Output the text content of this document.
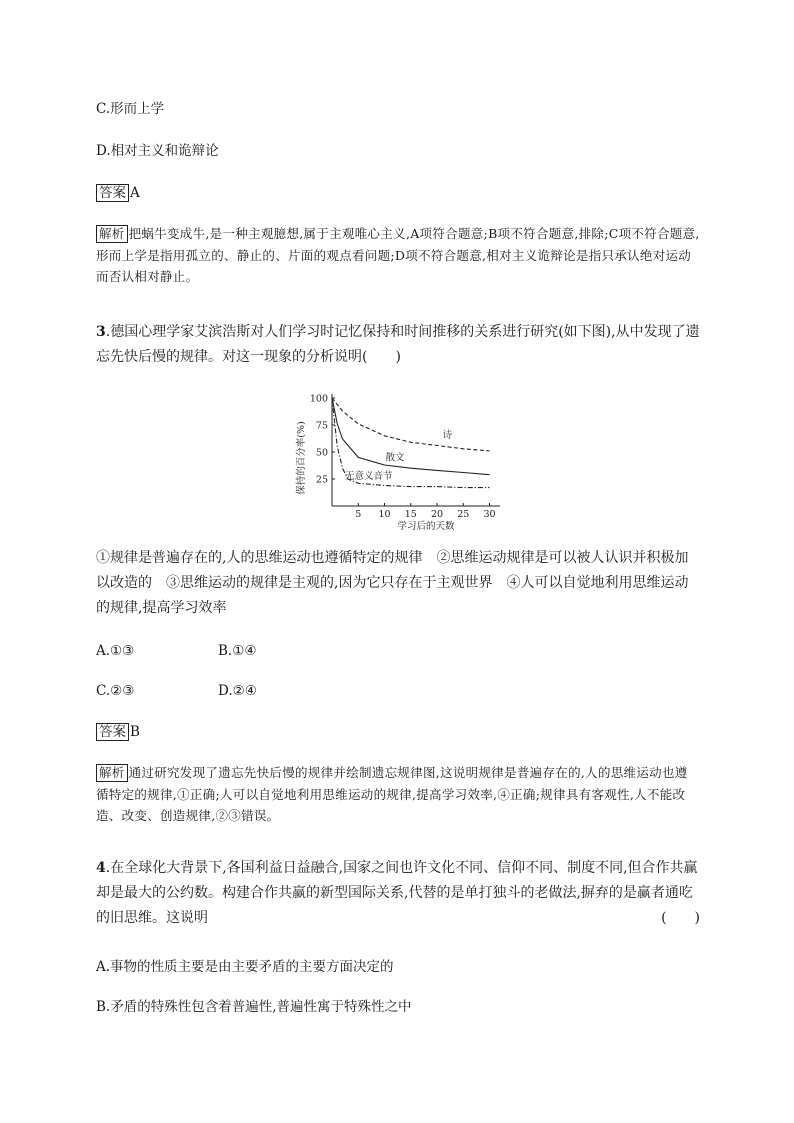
C.形而上学
D.相对主义和诡辩论
答案 A
解析 把蜗牛变成牛,是一种主观臆想,属于主观唯心主义,A项符合题意;B项不符合题意,排除;C项不符合题意,形而上学是指用孤立的、静止的、片面的观点看问题;D项不符合题意,相对主义诡辩论是指只承认绝对运动而否认相对静止。
3.德国心理学家艾滨浩斯对人们学习时记忆保持和时间推移的关系进行研究(如下图),从中发现了遗忘先快后慢的规律。对这一现象的分析说明(　　)
25
50
75
100
5 10 15 20 25 30
学习后的天数
保持的百分率(%)	诗
散文
无意义音节
①规律是普遍存在的,人的思维运动也遵循特定的规律　②思维运动规律是可以被人认识并积极加以改造的　③思维运动的规律是主观的,因为它只存在于主观世界　④人可以自觉地利用思维运动的规律,提高学习效率
A.①③	B.①④
C.②③	D.②④
答案 B
解析 通过研究发现了遗忘先快后慢的规律并绘制遗忘规律图,这说明规律是普遍存在的,人的思维运动也遵循特定的规律,①正确;人可以自觉地利用思维运动的规律,提高学习效率,④正确;规律具有客观性,人不能改造、改变、创造规律,②③错误。
4.在全球化大背景下,各国利益日益融合,国家之间也许文化不同、信仰不同、制度不同,但合作共赢却是最大的公约数。构建合作共赢的新型国际关系,代替的是单打独斗的老做法,摒弃的是赢者通吃的旧思维。这说明	(　　)
A.事物的性质主要是由主要矛盾的主要方面决定的
B.矛盾的特殊性包含着普遍性,普遍性寓于特殊性之中
